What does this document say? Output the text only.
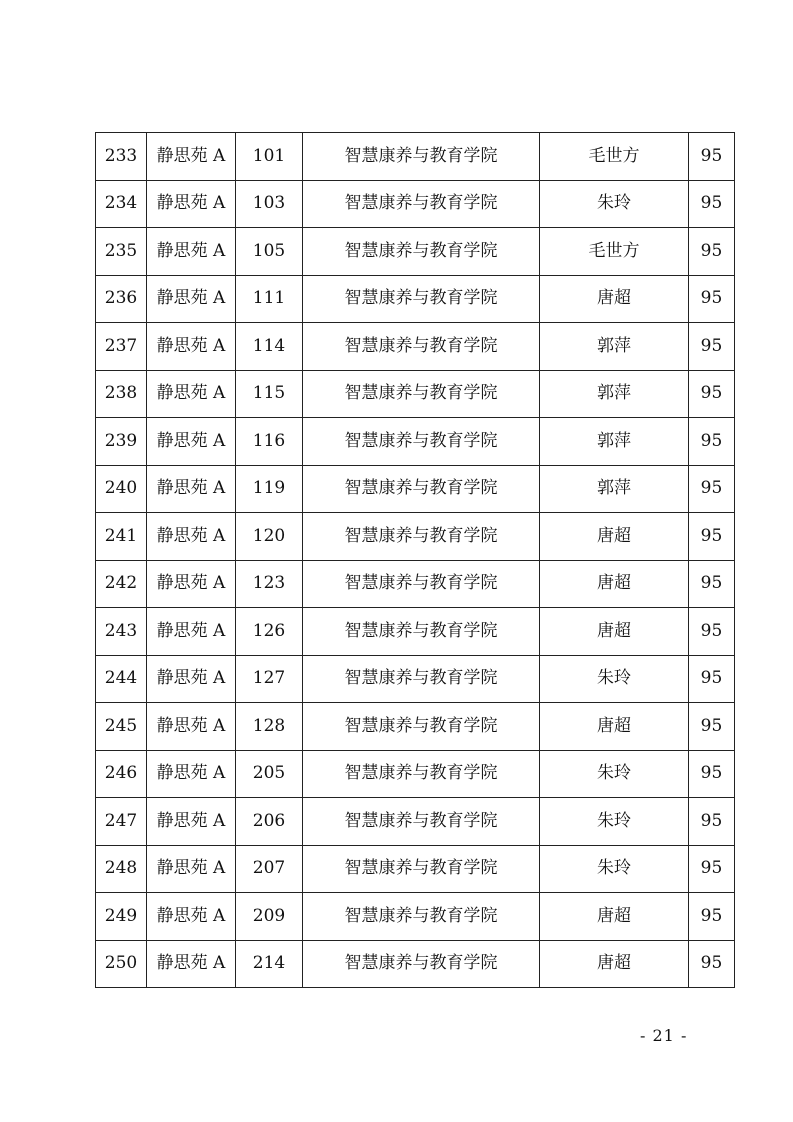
233	静思苑 A	101	智慧康养与教育学院	毛世方	95
234	静思苑 A	103	智慧康养与教育学院	朱玲	95
235	静思苑 A	105	智慧康养与教育学院	毛世方	95
236	静思苑 A	111	智慧康养与教育学院	唐超	95
237	静思苑 A	114	智慧康养与教育学院	郭萍	95
238	静思苑 A	115	智慧康养与教育学院	郭萍	95
239	静思苑 A	116	智慧康养与教育学院	郭萍	95
240	静思苑 A	119	智慧康养与教育学院	郭萍	95
241	静思苑 A	120	智慧康养与教育学院	唐超	95
242	静思苑 A	123	智慧康养与教育学院	唐超	95
243	静思苑 A	126	智慧康养与教育学院	唐超	95
244	静思苑 A	127	智慧康养与教育学院	朱玲	95
245	静思苑 A	128	智慧康养与教育学院	唐超	95
246	静思苑 A	205	智慧康养与教育学院	朱玲	95
247	静思苑 A	206	智慧康养与教育学院	朱玲	95
248	静思苑 A	207	智慧康养与教育学院	朱玲	95
249	静思苑 A	209	智慧康养与教育学院	唐超	95
250	静思苑 A	214	智慧康养与教育学院	唐超	95
- 21 -
